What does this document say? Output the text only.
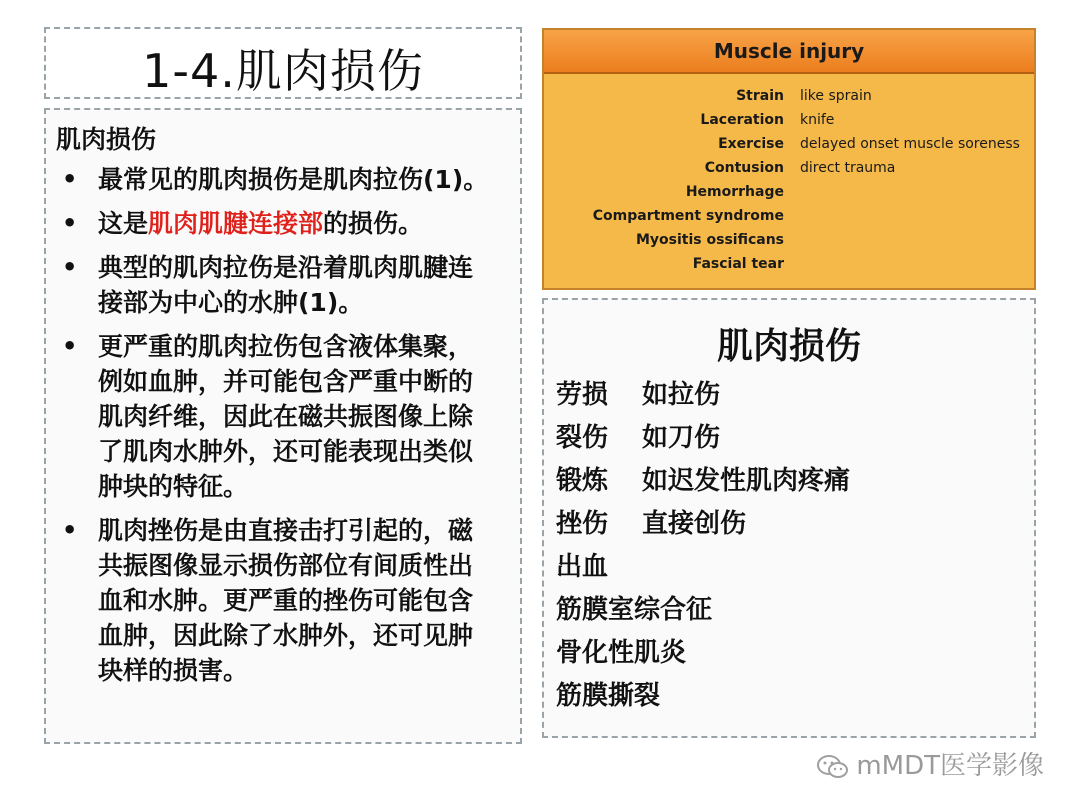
1-4.肌肉损伤
肌肉损伤
• 最常见的肌肉损伤是肌肉拉伤(1)。
• 这是肌肉肌腱连接部的损伤。
• 典型的肌肉拉伤是沿着肌肉肌腱连接部为中心的水肿(1)。
• 更严重的肌肉拉伤包含液体集聚，例如血肿，并可能包含严重中断的肌肉纤维，因此在磁共振图像上除了肌肉水肿外，还可能表现出类似肿块的特征。
• 肌肉挫伤是由直接击打引起的，磁共振图像显示损伤部位有间质性出血和水肿。更严重的挫伤可能包含血肿，因此除了水肿外，还可见肿块样的损害。
Muscle injury
Strain like sprain
Laceration knife
Exercise delayed onset muscle soreness
Contusion direct trauma
Hemorrhage
Compartment syndrome
Myositis ossificans
Fascial tear
肌肉损伤
劳损 如拉伤
裂伤 如刀伤
锻炼 如迟发性肌肉疼痛
挫伤 直接创伤
出血
筋膜室综合征
骨化性肌炎
筋膜撕裂
mMDT医学影像
